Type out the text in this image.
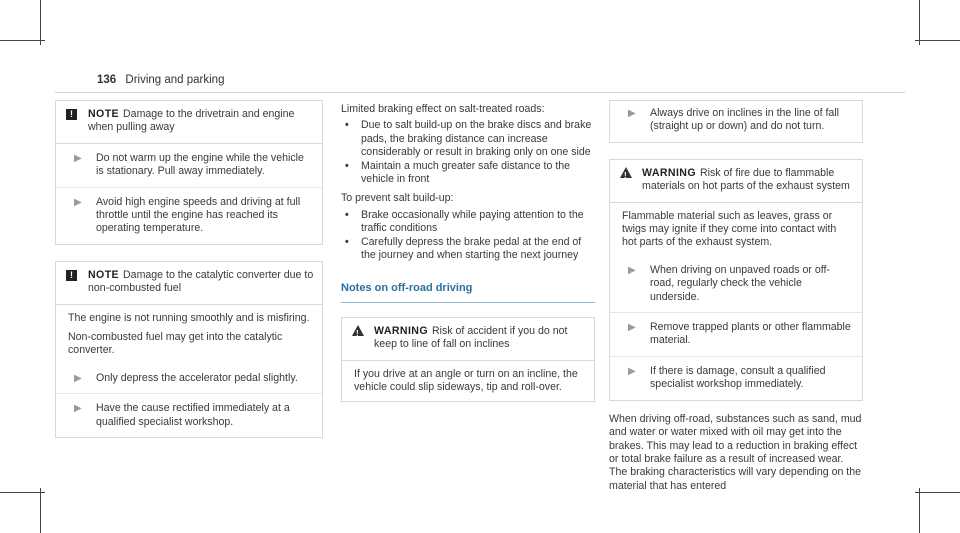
136 Driving and parking
!	NOTE Damage to the drivetrain and engine when pulling away
▶	Do not warm up the engine while the vehicle is stationary. Pull away immediately.
▶	Avoid high engine speeds and driving at full throttle until the engine has reached its operating temperature.
!	NOTE Damage to the catalytic converter due to non-combusted fuel

The engine is not running smoothly and is misfiring.

Non-combusted fuel may get into the catalytic converter.

▶	Only depress the accelerator pedal slightly.
▶	Have the cause rectified immediately at a qualified specialist workshop.

Limited braking effect on salt-treated roads:

•	Due to salt build-up on the brake discs and brake pads, the braking distance can increase considerably or result in braking only on one side
•	Maintain a much greater safe distance to the vehicle in front

To prevent salt build-up:

•	Brake occasionally while paying attention to the traffic conditions
•	Carefully depress the brake pedal at the end of the journey and when starting the next journey
Notes on off-road driving
! WARNING Risk of accident if you do not keep to line of fall on inclines

If you drive at an angle or turn on an incline, the vehicle could slip sideways, tip and roll-over.

▶	Always drive on inclines in the line of fall (straight up or down) and do not turn.
! WARNING Risk of fire due to flammable materials on hot parts of the exhaust system

Flammable material such as leaves, grass or twigs may ignite if they come into contact with hot parts of the exhaust system.

▶	When driving on unpaved roads or off-road, regularly check the vehicle underside.
▶	Remove trapped plants or other flammable material.
▶	If there is damage, consult a qualified specialist workshop immediately.

When driving off-road, substances such as sand, mud and water or water mixed with oil may get into the brakes. This may lead to a reduction in braking effect or total brake failure as a result of increased wear. The braking characteristics will vary depending on the material that has entered
